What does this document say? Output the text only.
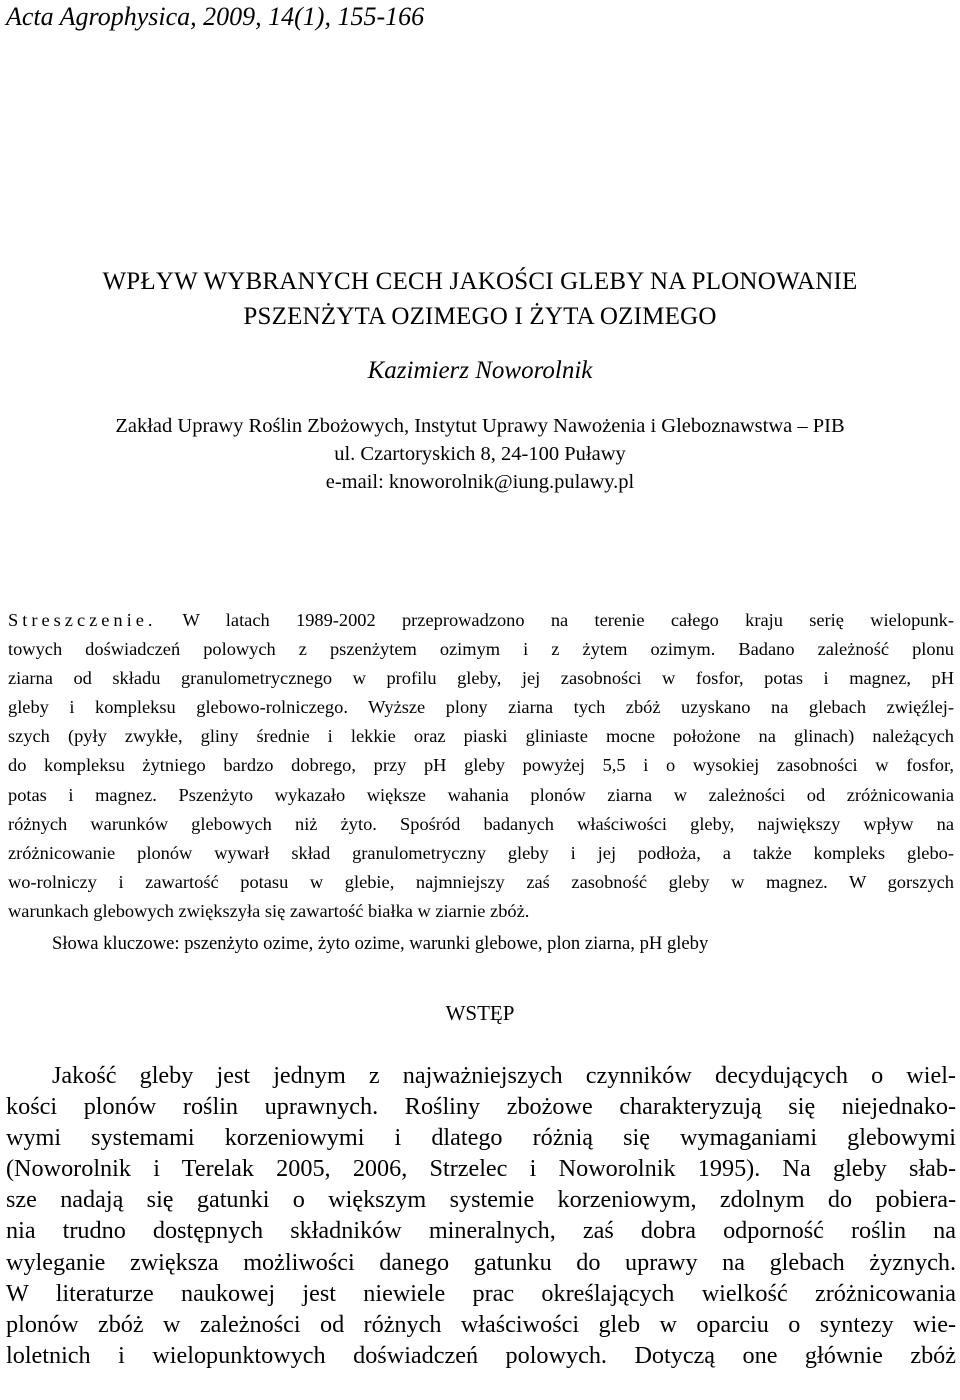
Acta Agrophysica, 2009, 14(1), 155-166
WPŁYW WYBRANYCH CECH JAKOŚCI GLEBY NA PLONOWANIE
PSZENŻYTA OZIMEGO I ŻYTA OZIMEGO
Kazimierz Noworolnik
Zakład Uprawy Roślin Zbożowych, Instytut Uprawy Nawożenia i Gleboznawstwa – PIB
ul. Czartoryskich 8, 24-100 Puławy
e-mail: knoworolnik@iung.pulawy.pl
Streszczenie. W latach 1989-2002 przeprowadzono na terenie całego kraju serię wielopunk-
towych doświadczeń polowych z pszenżytem ozimym i z żytem ozimym. Badano zależność plonu
ziarna od składu granulometrycznego w profilu gleby, jej zasobności w fosfor, potas i magnez, pH
gleby i kompleksu glebowo-rolniczego. Wyższe plony ziarna tych zbóż uzyskano na glebach zwięźlej-
szych (pyły zwykłe, gliny średnie i lekkie oraz piaski gliniaste mocne położone na glinach) należących
do kompleksu żytniego bardzo dobrego, przy pH gleby powyżej 5,5 i o wysokiej zasobności w fosfor,
potas i magnez. Pszenżyto wykazało większe wahania plonów ziarna w zależności od zróżnicowania
różnych warunków glebowych niż żyto. Spośród badanych właściwości gleby, największy wpływ na
zróżnicowanie plonów wywarł skład granulometryczny gleby i jej podłoża, a także kompleks glebo-
wo-rolniczy i zawartość potasu w glebie, najmniejszy zaś zasobność gleby w magnez. W gorszych
warunkach glebowych zwiększyła się zawartość białka w ziarnie zbóż.
Słowa kluczowe: pszenżyto ozime, żyto ozime, warunki glebowe, plon ziarna, pH gleby
WSTĘP
Jakość gleby jest jednym z najważniejszych czynników decydujących o wiel-
kości plonów roślin uprawnych. Rośliny zbożowe charakteryzują się niejednako-
wymi systemami korzeniowymi i dlatego różnią się wymaganiami glebowymi
(Noworolnik i Terelak 2005, 2006, Strzelec i Noworolnik 1995). Na gleby słab-
sze nadają się gatunki o większym systemie korzeniowym, zdolnym do pobiera-
nia trudno dostępnych składników mineralnych, zaś dobra odporność roślin na
wyleganie zwiększa możliwości danego gatunku do uprawy na glebach żyznych.
W literaturze naukowej jest niewiele prac określających wielkość zróżnicowania
plonów zbóż w zależności od różnych właściwości gleb w oparciu o syntezy wie-
loletnich i wielopunktowych doświadczeń polowych. Dotyczą one głównie zbóż
